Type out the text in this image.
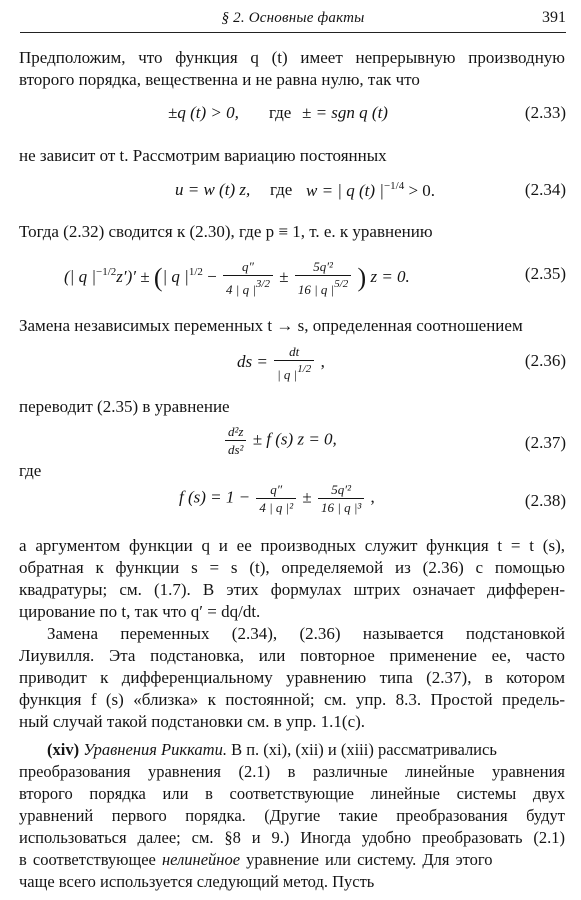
§ 2. Основные факты	391
Предположим, что функция q (t) имеет непрерывную производную
второго порядка, вещественна и не равна нулю, так что
±q (t) > 0, где ± = sgn q (t)	(2.33)
не зависит от t. Рассмотрим вариацию постоянных
u = w (t) z, где w = | q (t) $|^{-1/4} > 0$.	(2.34)
Тогда (2.32) сводится к (2.30), где p ≡ 1, т. е. к уравнению
(| q $|^{-1/2}z')'$ ± (| q $|^{1/2} - \frac{q''}{4 | q |^{3/2}} \pm \frac{\text{5q′²}}{16 | q |^{5/2}}$ ) z = 0.	(2.35)
Замена независимых переменных t → s, определенная соотношением
ds = $\frac{dt}{| q |^{1/2}}$ ,	(2.36)
переводит (2.35) в уравнение
$\frac{\text{d²z}}{\text{ds²}} \pm f$ (s) z = 0,	(2.37)
где
f $(s) = 1 - \frac{q''}{\text{4 | q |²}} \pm \frac{\text{5q′²}}{\text{16 | q |³}}$ ,	(2.38)
а аргументом функции q и ее производных служит функция t = t (s),
обратная к функции s = s (t), определяемой из (2.36) с помощью
квадратуры; см. (1.7). В этих формулах штрих означает дифферен-
цирование по t, так что q′ = dq/dt.
Замена переменных (2.34), (2.36) называется подстановкой
Лиувилля. Эта подстановка, или повторное применение ее, часто
приводит к дифференциальному уравнению типа (2.37), в котором
функция f (s) «близка» к постоянной; см. упр. 8.3. Простой предель-
ный случай такой подстановки см. в упр. 1.1(c).
(xiv) Уравнения Риккати. В п. (xi), (xii) и (xiii) рассматривались
преобразования уравнения (2.1) в различные линейные уравнения
второго порядка или в соответствующие линейные системы двух
уравнений первого порядка. (Другие такие преобразования будут
использоваться далее; см. §8 и 9.) Иногда удобно преобразовать (2.1)
в соответствующее нелинейное уравнение или систему. Для этого
чаще всего используется следующий метод. Пусть
